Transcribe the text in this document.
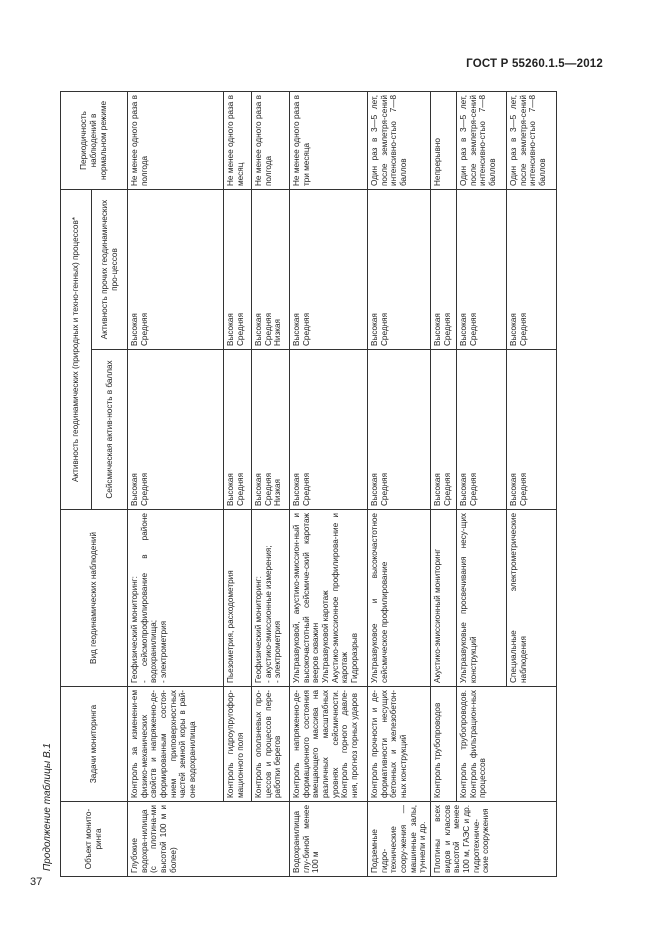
ГОСТ Р 55260.1.5—2012
37
Продолжение таблицы В.1	Объект монито-ринга	Задачи мониторинга	Вид геодинамических наблюдений	Активность геодинамических (природных и техно-генных) процессов*		Периодичность наблюдений в нормальном режиме
			Сейсмическая актив-ность в баллах	Активность прочих геодинамических про-цессов	
Глубокие водохра-нилища (с плотина-ми высотой 100 м и более)	Контроль за изменени-ем физико-механических свойств и напряженно-де-формированным состоя-нием приповерхностных частей земной коры в рай-оне водохранилища	Геофизический мониторинг: - сейсмопрофилирование в районе водохранилища; - электрометрия	Высокая Средняя	Высокая Средняя	Не менее одного раза в полгода
	Контроль гидроупругофор-мационного поля	Пьезометрия, расходометрия	Высокая Средняя	Высокая Средняя	Не менее одного раза в месяц
	Контроль оползневых про-цессов и процессов пере-работки берегов	Геофизический мониторинг: - акустико-эмиссионные измерения; - электрометрия	Высокая Средняя Низкая	Высокая Средняя Низкая	Не менее одного раза в полгода
Водохранилища глу-биной менее 100 м	Контроль напряженно-де-формационного состояния вмещающего массива на различных масштабных уровнях сейсмичности. Контроль горного давле-ния, прогноз горных ударов	Ультразвуковой, акустико-эмиссион-ный и высокочастотный сейсмиче-ский каротаж вееров скважин Ультразвуковой каротаж Акустико-эмиссионное профилирова-ние и каротаж Гидроразрыв	Высокая Средняя	Высокая Средняя	Не менее одного раза в три месяца
Подземные гидро-технические соору-жения — машинные залы, туннели и др.	Контроль прочности и де-формативности несущих бетонных и железобетон-ных конструкций	Ультразвуковое и высокочастотное сейсмическое профилирование	Высокая Средняя	Высокая Средняя	Один раз в 3—5 лет, после землетря-сений интенсивно-стью 7—8 баллов
Плотины всех видов и классов высотой менее 100 м, ГАЭС и др. гидротехниче-ские сооружения	Контроль трубопроводов	Акустико-эмиссионный мониторинг	Высокая Средняя	Высокая Средняя	Непрерывно
	Контроль трубопроводов. Контроль фильтрацион-ных процессов	Ультразвуковые просвечивания несу-щих конструкций	Высокая Средняя	Высокая Средняя	Один раз в 3—5 лет, после землетря-сений интенсивно-стью 7—8 баллов

		Специальные электрометрические наблюдения	Высокая Средняя	Высокая Средняя	Один раз в 3—5 лет, после землетря-сений интенсивно-стью 7—8 баллов
